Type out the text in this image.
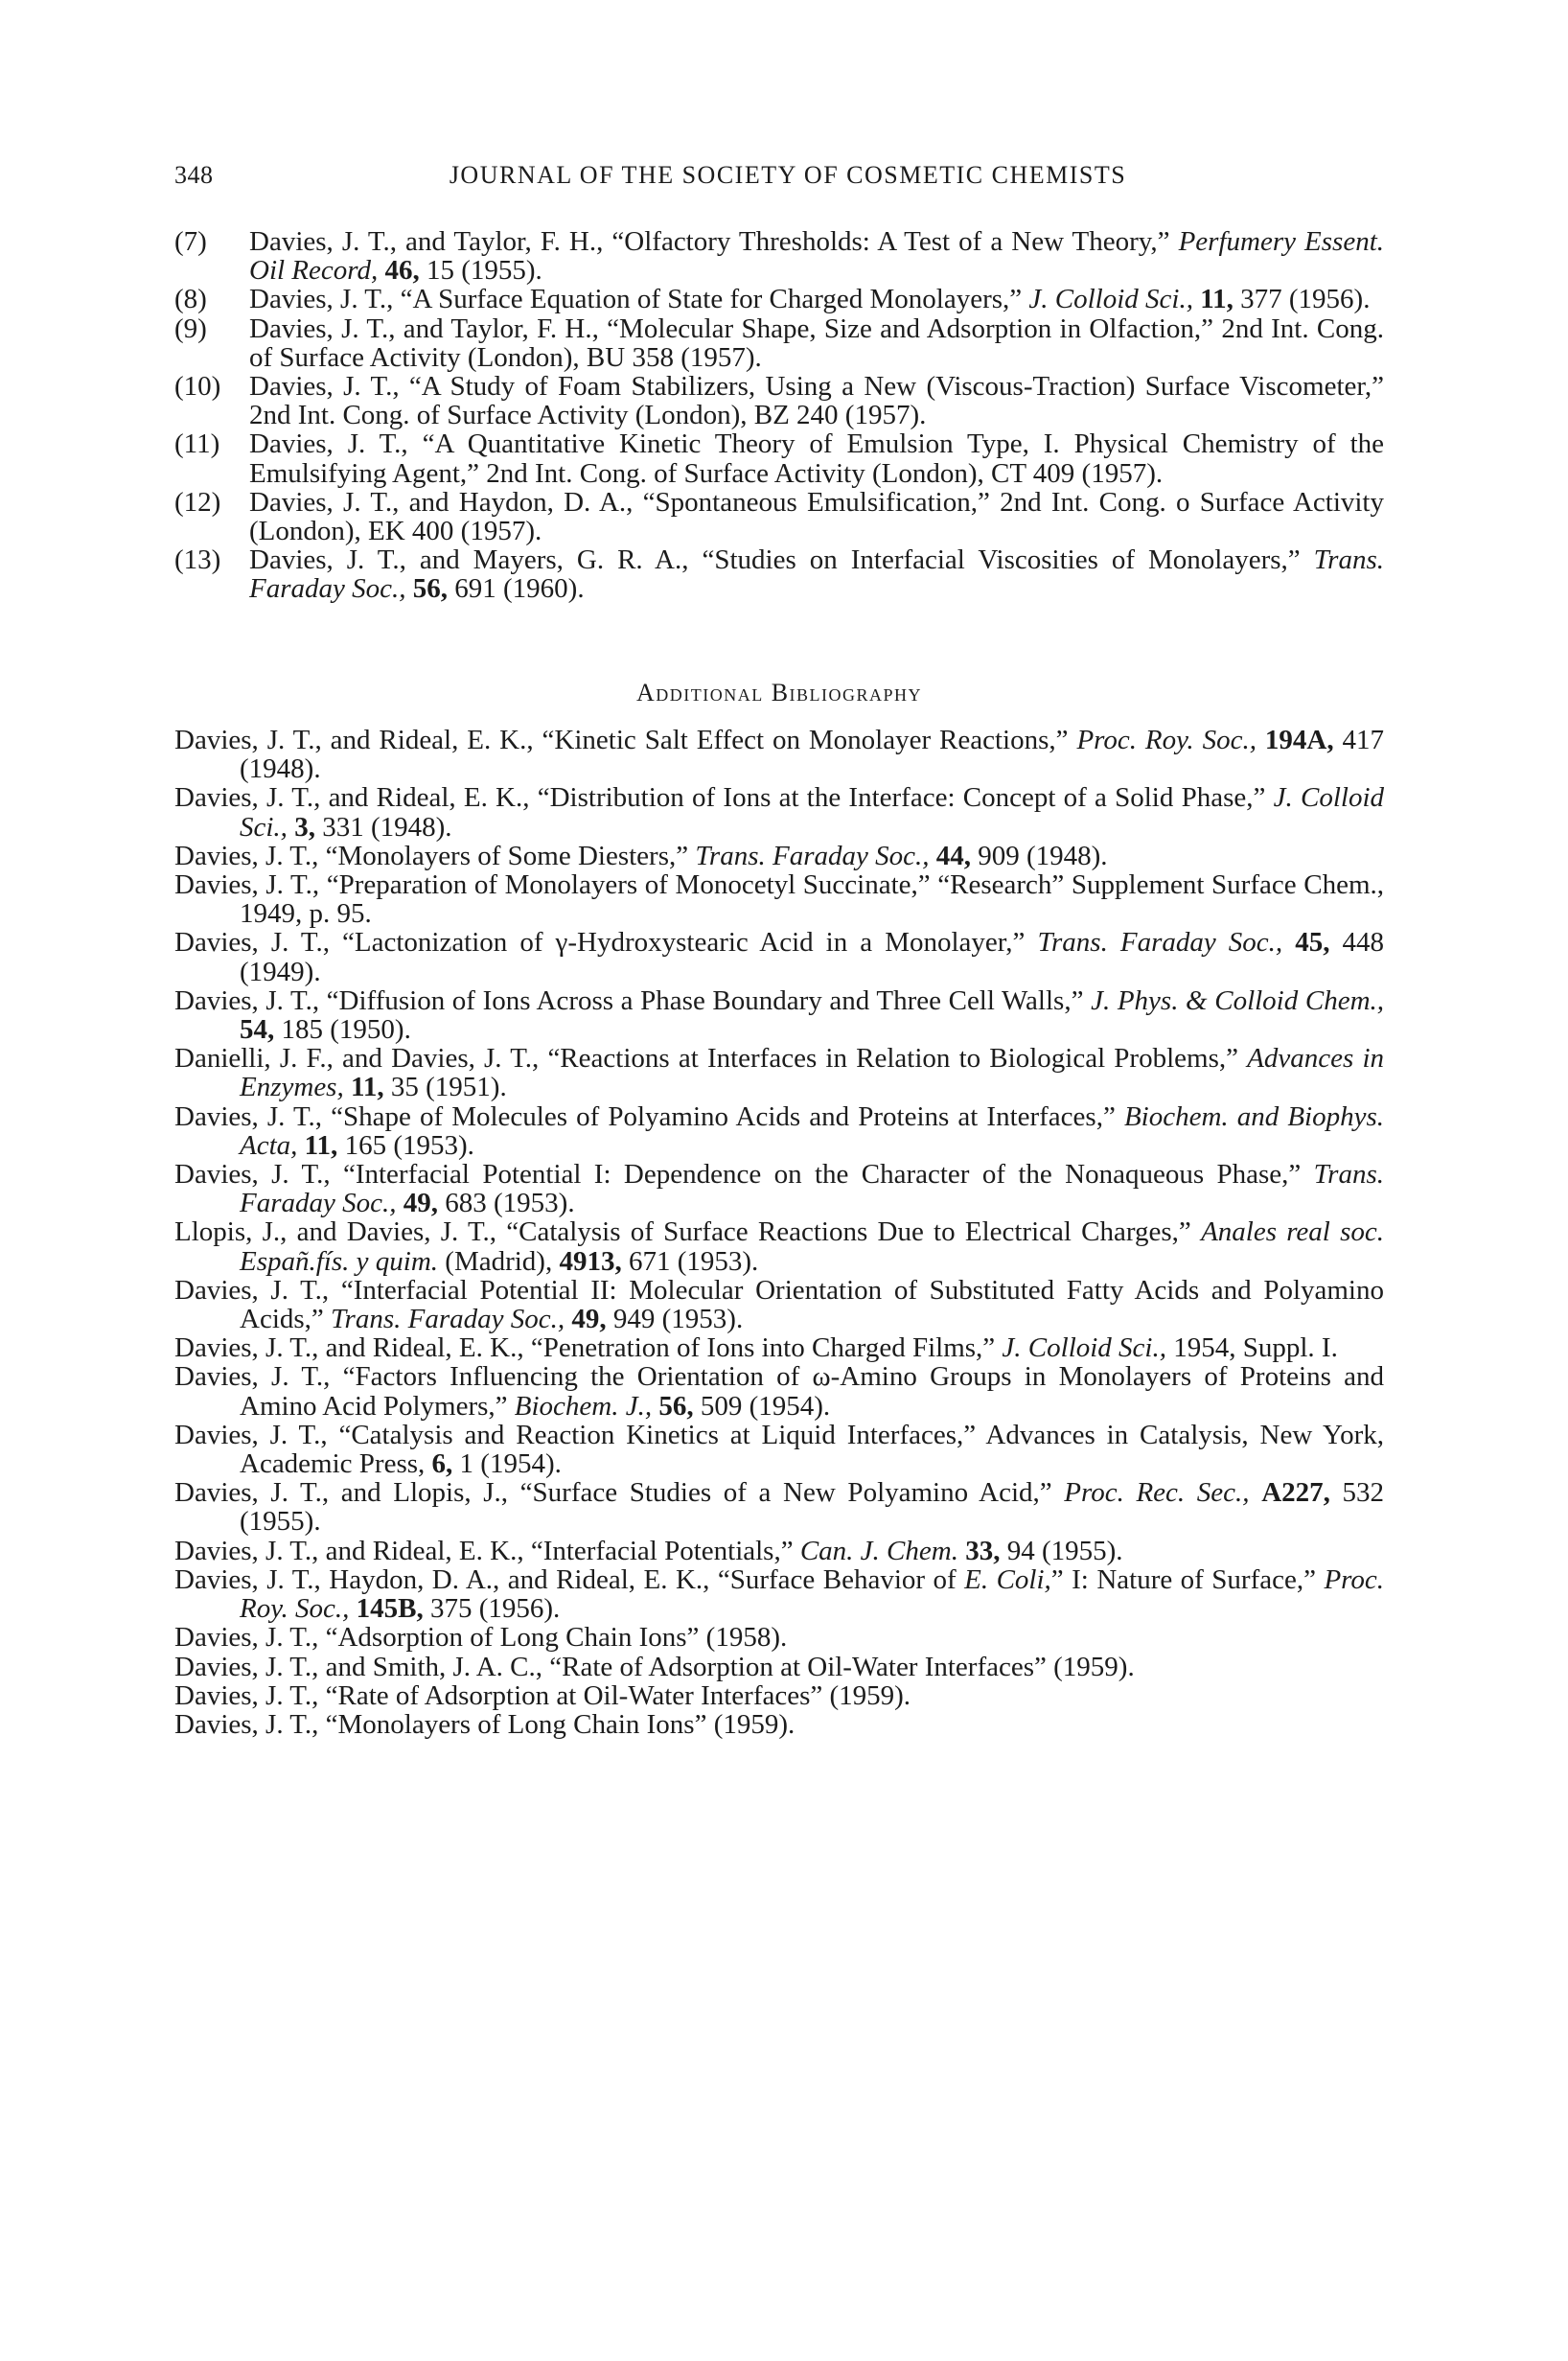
348	JOURNAL OF THE SOCIETY OF COSMETIC CHEMISTS
(7)	Davies, J. T., and Taylor, F. H., “Olfactory Thresholds: A Test of a New Theory,” Perfumery Essent. Oil Record, 46, 15 (1955).
(8)	Davies, J. T., “A Surface Equation of State for Charged Monolayers,” J. Colloid Sci., 11, 377 (1956).
(9)	Davies, J. T., and Taylor, F. H., “Molecular Shape, Size and Adsorption in Olfaction,” 2nd Int. Cong. of Surface Activity (London), BU 358 (1957).
(10)	Davies, J. T., “A Study of Foam Stabilizers, Using a New (Viscous-Traction) Surface Viscometer,” 2nd Int. Cong. of Surface Activity (London), BZ 240 (1957).
(11)	Davies, J. T., “A Quantitative Kinetic Theory of Emulsion Type, I. Physical Chemistry of the Emulsifying Agent,” 2nd Int. Cong. of Surface Activity (London), CT 409 (1957).
(12)	Davies, J. T., and Haydon, D. A., “Spontaneous Emulsification,” 2nd Int. Cong. o Surface Activity (London), EK 400 (1957).
(13)	Davies, J. T., and Mayers, G. R. A., “Studies on Interfacial Viscosities of Monolayers,” Trans. Faraday Soc., 56, 691 (1960).
Additional Bibliography
Davies, J. T., and Rideal, E. K., “Kinetic Salt Effect on Monolayer Reactions,” Proc. Roy. Soc., 194A, 417 (1948).
Davies, J. T., and Rideal, E. K., “Distribution of Ions at the Interface: Concept of a Solid Phase,” J. Colloid Sci., 3, 331 (1948).
Davies, J. T., “Monolayers of Some Diesters,” Trans. Faraday Soc., 44, 909 (1948).
Davies, J. T., “Preparation of Monolayers of Monocetyl Succinate,” “Research” Supplement Surface Chem., 1949, p. 95.
Davies, J. T., “Lactonization of γ-Hydroxystearic Acid in a Monolayer,” Trans. Faraday Soc., 45, 448 (1949).
Davies, J. T., “Diffusion of Ions Across a Phase Boundary and Three Cell Walls,” J. Phys. & Colloid Chem., 54, 185 (1950).
Danielli, J. F., and Davies, J. T., “Reactions at Interfaces in Relation to Biological Problems,” Advances in Enzymes, 11, 35 (1951).
Davies, J. T., “Shape of Molecules of Polyamino Acids and Proteins at Interfaces,” Biochem. and Biophys. Acta, 11, 165 (1953).
Davies, J. T., “Interfacial Potential I: Dependence on the Character of the Nonaqueous Phase,” Trans. Faraday Soc., 49, 683 (1953).
Llopis, J., and Davies, J. T., “Catalysis of Surface Reactions Due to Electrical Charges,” Anales real soc. Españ.fís. y quim. (Madrid), 4913, 671 (1953).
Davies, J. T., “Interfacial Potential II: Molecular Orientation of Substituted Fatty Acids and Polyamino Acids,” Trans. Faraday Soc., 49, 949 (1953).
Davies, J. T., and Rideal, E. K., “Penetration of Ions into Charged Films,” J. Colloid Sci., 1954, Suppl. I.
Davies, J. T., “Factors Influencing the Orientation of ω-Amino Groups in Monolayers of Proteins and Amino Acid Polymers,” Biochem. J., 56, 509 (1954).
Davies, J. T., “Catalysis and Reaction Kinetics at Liquid Interfaces,” Advances in Catalysis, New York, Academic Press, 6, 1 (1954).
Davies, J. T., and Llopis, J., “Surface Studies of a New Polyamino Acid,” Proc. Rec. Sec., A227, 532 (1955).
Davies, J. T., and Rideal, E. K., “Interfacial Potentials,” Can. J. Chem. 33, 94 (1955).
Davies, J. T., Haydon, D. A., and Rideal, E. K., “Surface Behavior of E. Coli,” I: Nature of Surface,” Proc. Roy. Soc., 145B, 375 (1956).
Davies, J. T., “Adsorption of Long Chain Ions” (1958).
Davies, J. T., and Smith, J. A. C., “Rate of Adsorption at Oil-Water Interfaces” (1959).
Davies, J. T., “Rate of Adsorption at Oil-Water Interfaces” (1959).
Davies, J. T., “Monolayers of Long Chain Ions” (1959).
